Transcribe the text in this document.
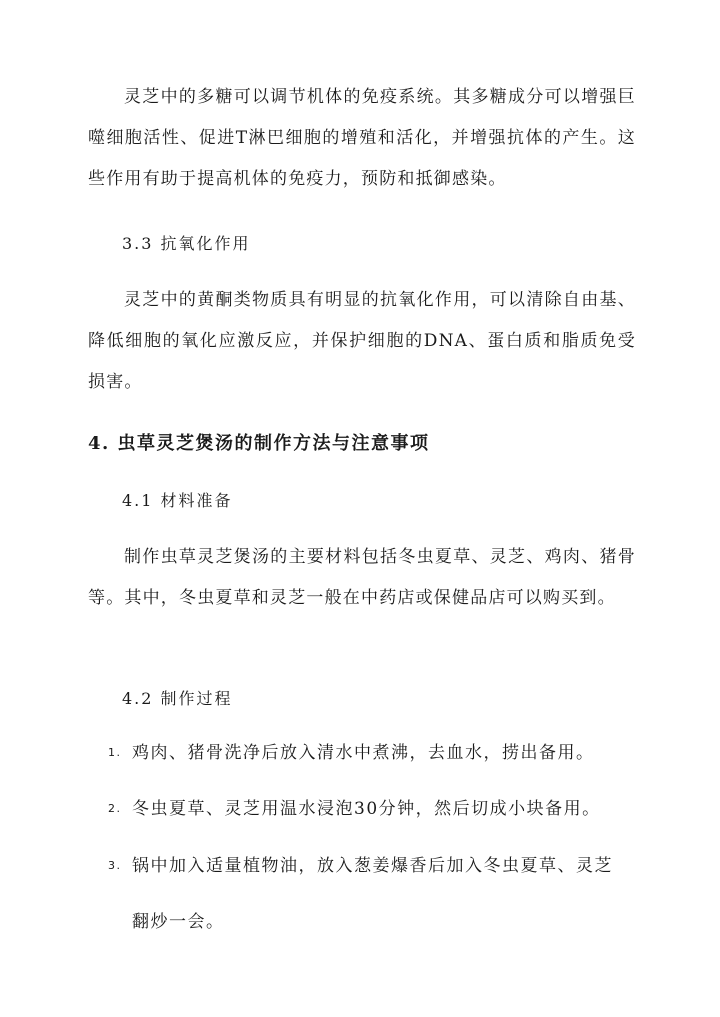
灵芝中的多糖可以调节机体的免疫系统。其多糖成分可以增强巨噬细胞活性、促进T淋巴细胞的增殖和活化，并增强抗体的产生。这些作用有助于提高机体的免疫力，预防和抵御感染。

3.3 抗氧化作用

灵芝中的黄酮类物质具有明显的抗氧化作用，可以清除自由基、降低细胞的氧化应激反应，并保护细胞的DNA、蛋白质和脂质免受损害。

4. 虫草灵芝煲汤的制作方法与注意事项

4.1 材料准备

制作虫草灵芝煲汤的主要材料包括冬虫夏草、灵芝、鸡肉、猪骨等。其中，冬虫夏草和灵芝一般在中药店或保健品店可以购买到。

4.2 制作过程

1. 鸡肉、猪骨洗净后放入清水中煮沸，去血水，捞出备用。
2. 冬虫夏草、灵芝用温水浸泡30分钟，然后切成小块备用。
3. 锅中加入适量植物油，放入葱姜爆香后加入冬虫夏草、灵芝翻炒一会。
